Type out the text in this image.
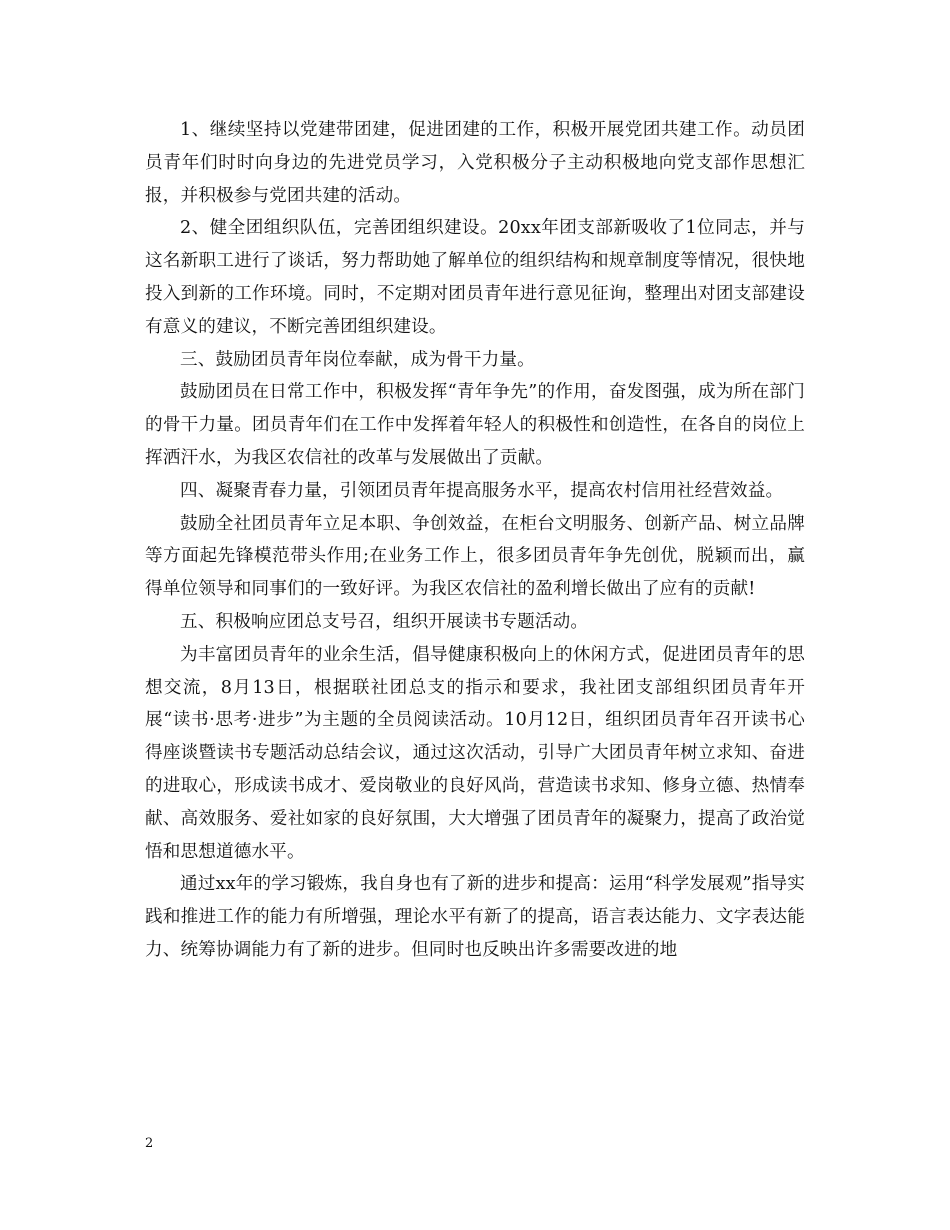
1、继续坚持以党建带团建，促进团建的工作，积极开展党团共建工作。动员团员青年们时时向身边的先进党员学习，入党积极分子主动积极地向党支部作思想汇报，并积极参与党团共建的活动。

2、健全团组织队伍，完善团组织建设。20xx年团支部新吸收了1位同志，并与这名新职工进行了谈话，努力帮助她了解单位的组织结构和规章制度等情况，很快地投入到新的工作环境。同时，不定期对团员青年进行意见征询，整理出对团支部建设有意义的建议，不断完善团组织建设。

三、鼓励团员青年岗位奉献，成为骨干力量。

鼓励团员在日常工作中，积极发挥“青年争先”的作用，奋发图强，成为所在部门的骨干力量。团员青年们在工作中发挥着年轻人的积极性和创造性，在各自的岗位上挥洒汗水，为我区农信社的改革与发展做出了贡献。

四、凝聚青春力量，引领团员青年提高服务水平，提高农村信用社经营效益。

鼓励全社团员青年立足本职、争创效益，在柜台文明服务、创新产品、树立品牌等方面起先锋模范带头作用;在业务工作上，很多团员青年争先创优，脱颖而出，赢得单位领导和同事们的一致好评。为我区农信社的盈利增长做出了应有的贡献!

五、积极响应团总支号召，组织开展读书专题活动。

为丰富团员青年的业余生活，倡导健康积极向上的休闲方式，促进团员青年的思想交流，8月13日，根据联社团总支的指示和要求，我社团支部组织团员青年开展“读书·思考·进步”为主题的全员阅读活动。10月12日，组织团员青年召开读书心得座谈暨读书专题活动总结会议，通过这次活动，引导广大团员青年树立求知、奋进的进取心，形成读书成才、爱岗敬业的良好风尚，营造读书求知、修身立德、热情奉献、高效服务、爱社如家的良好氛围，大大增强了团员青年的凝聚力，提高了政治觉悟和思想道德水平。

通过xx年的学习锻炼，我自身也有了新的进步和提高：运用“科学发展观”指导实践和推进工作的能力有所增强，理论水平有新了的提高，语言表达能力、文字表达能力、统筹协调能力有了新的进步。但同时也反映出许多需要改进的地

2
